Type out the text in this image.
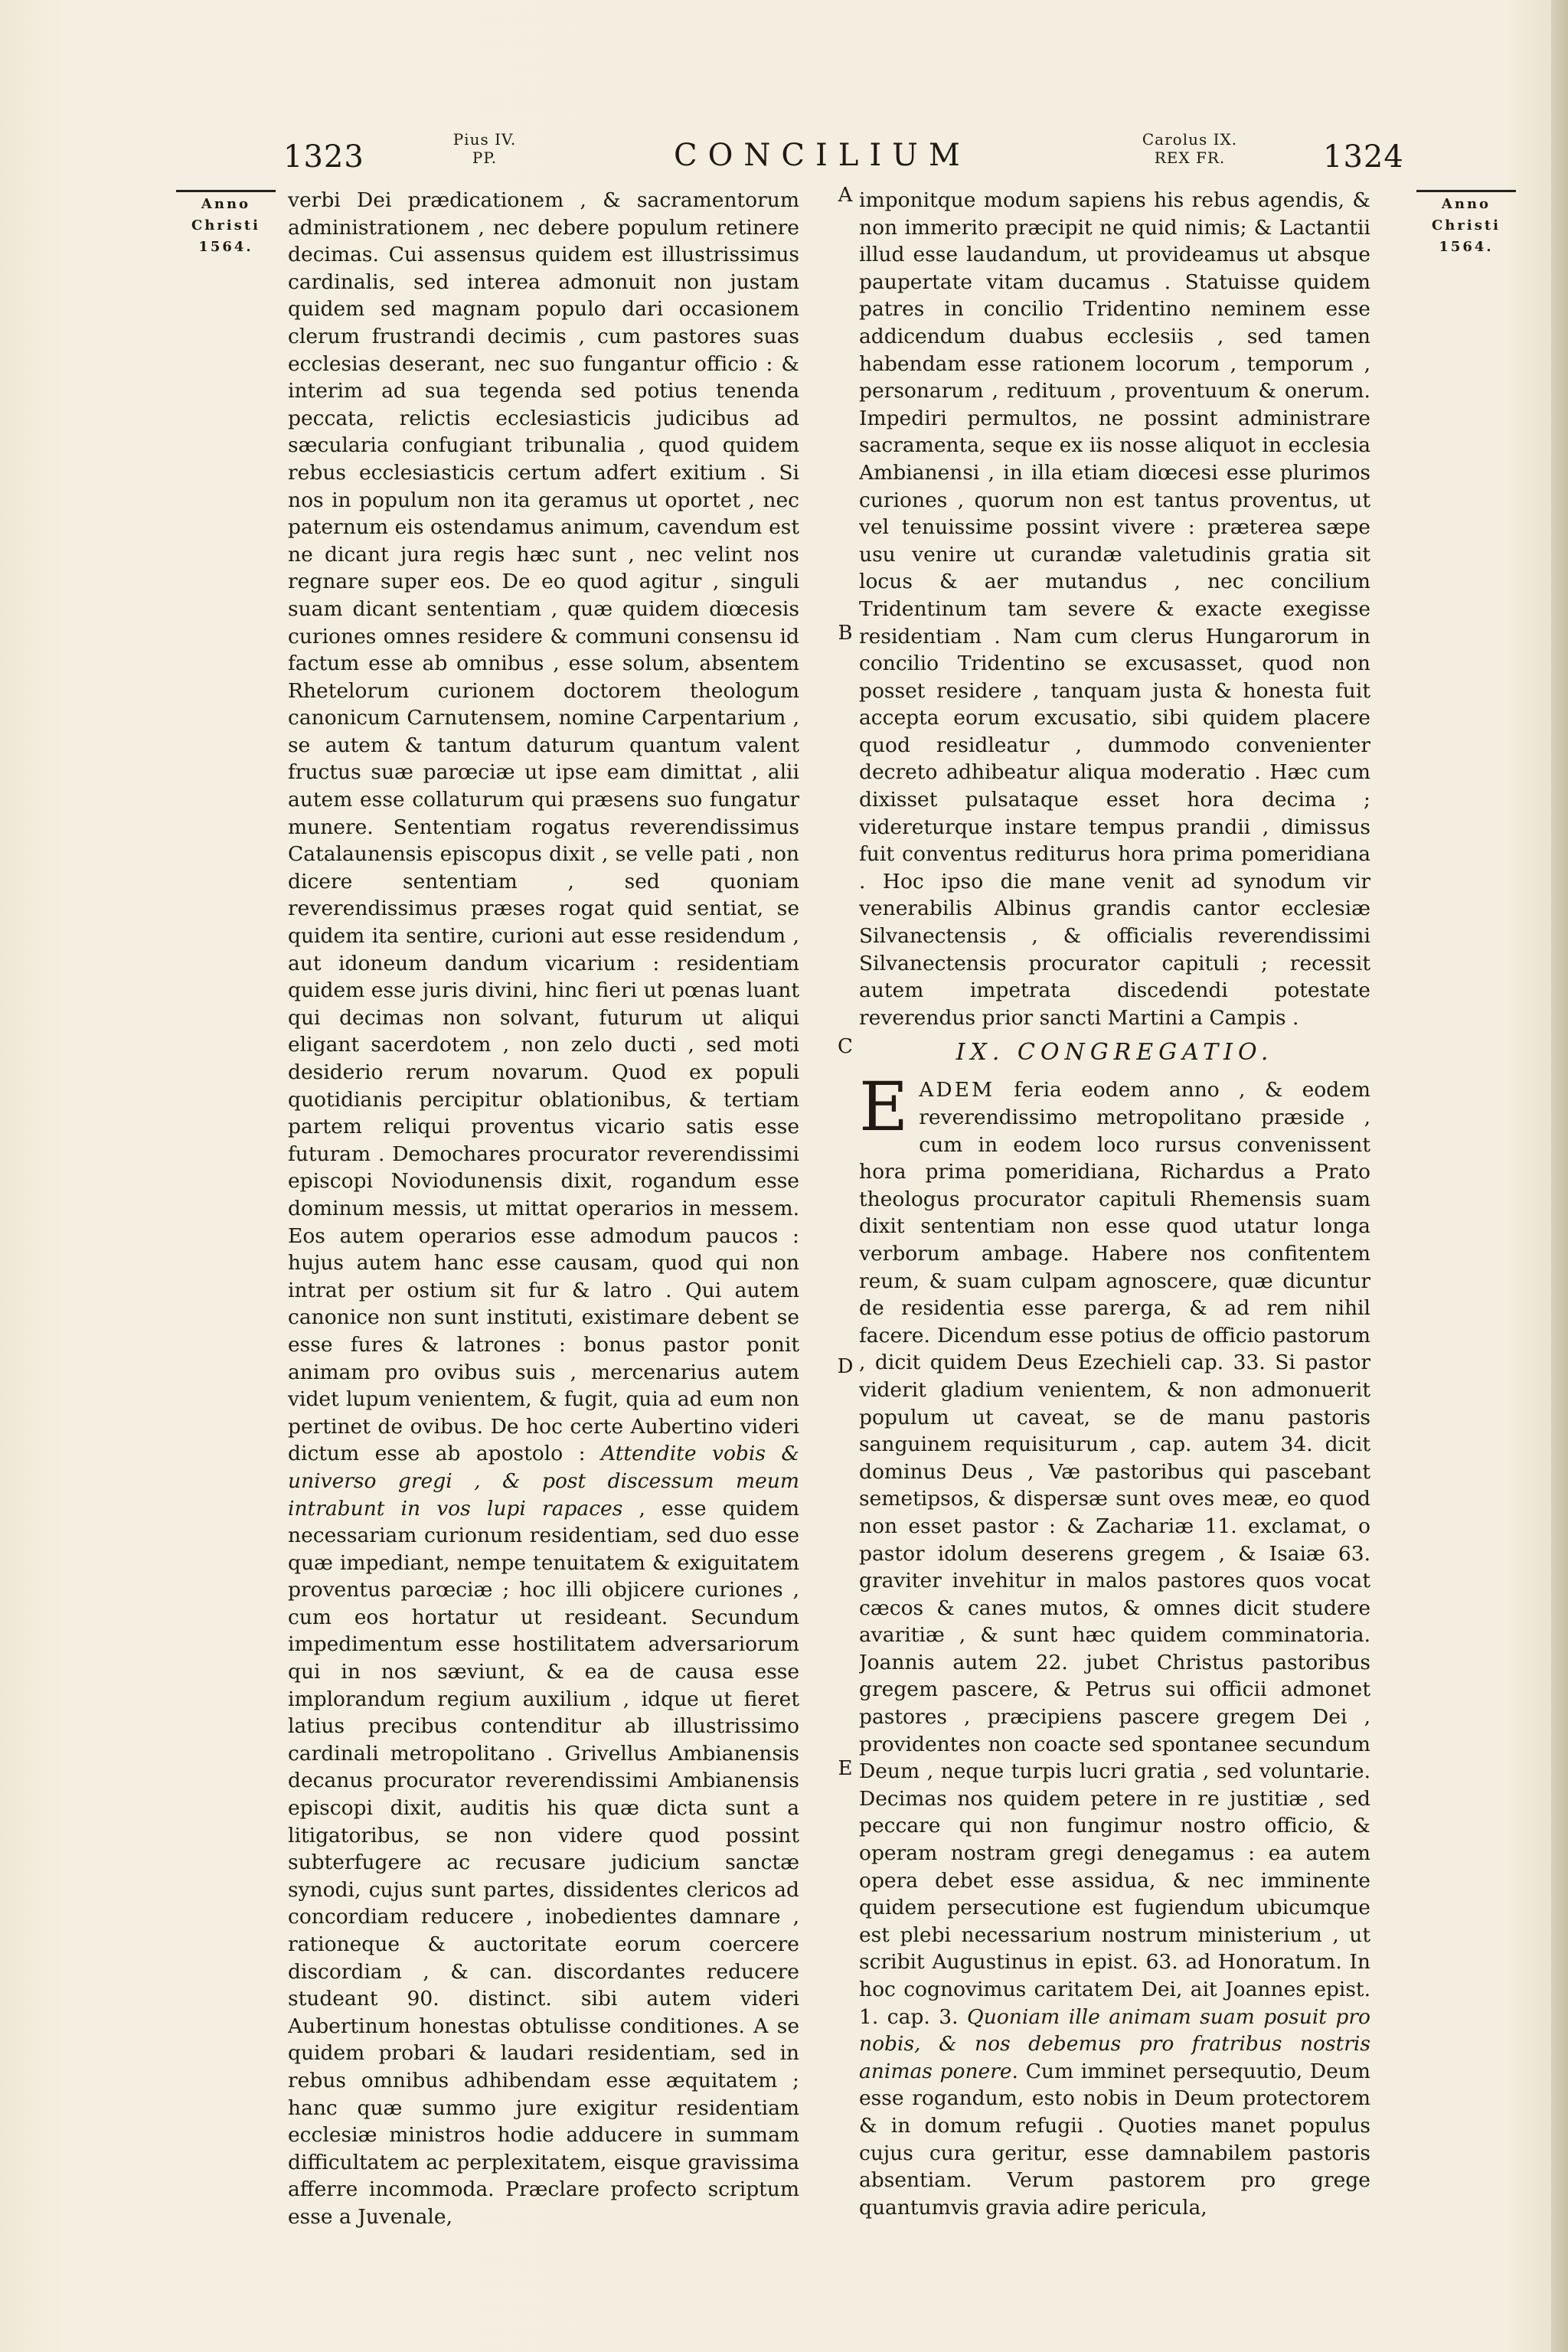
1323	Pius IV.
PP.	CONCILIUM	Carolus IX.
REX FR.	1324
Anno
Christi
1564.
Anno
Christi
1564.
A
B
C
D
E

verbi Dei prædicationem , & sacramentorum administrationem , nec debere populum retinere decimas. Cui assensus quidem est illustrissimus cardinalis, sed interea admonuit non justam quidem sed magnam populo dari occasionem clerum frustrandi decimis , cum pastores suas ecclesias deserant, nec suo fungantur officio : & interim ad sua tegenda sed potius tenenda peccata, relictis ecclesiasticis judicibus ad sæcularia confugiant tribunalia , quod quidem rebus ecclesiasticis certum adfert exitium . Si nos in populum non ita geramus ut oportet , nec paternum eis ostendamus animum, cavendum est ne dicant jura regis hæc sunt , nec velint nos regnare super eos. De eo quod agitur , singuli suam dicant sententiam , quæ quidem diœcesis curiones omnes residere & communi consensu id factum esse ab omnibus , esse solum, absentem Rhetelorum curionem doctorem theologum canonicum Carnutensem, nomine Carpentarium , se autem & tantum daturum quantum valent fructus suæ parœciæ ut ipse eam dimittat , alii autem esse collaturum qui præsens suo fungatur munere. Sententiam rogatus reverendissimus Catalaunensis episcopus dixit , se velle pati , non dicere sententiam , sed quoniam reverendissimus præses rogat quid sentiat, se quidem ita sentire, curioni aut esse residendum , aut idoneum dandum vicarium : residentiam quidem esse juris divini, hinc fieri ut pœnas luant qui decimas non solvant, futurum ut aliqui eligant sacerdotem , non zelo ducti , sed moti desiderio rerum novarum. Quod ex populi quotidianis percipitur oblationibus, & tertiam partem reliqui proventus vicario satis esse futuram . Demochares procurator reverendissimi episcopi Noviodunensis dixit, rogandum esse dominum messis, ut mittat operarios in messem. Eos autem operarios esse admodum paucos : hujus autem hanc esse causam, quod qui non intrat per ostium sit fur & latro . Qui autem canonice non sunt instituti, existimare debent se esse fures & latrones : bonus pastor ponit animam pro ovibus suis , mercenarius autem videt lupum venientem, & fugit, quia ad eum non pertinet de ovibus. De hoc certe Aubertino videri dictum esse ab apostolo : Attendite vobis & universo gregi , & post discessum meum intrabunt in vos lupi rapaces , esse quidem necessariam curionum residentiam, sed duo esse quæ impediant, nempe tenuitatem & exiguitatem proventus parœciæ ; hoc illi objicere curiones , cum eos hortatur ut resideant. Secundum impedimentum esse hostilitatem adversariorum qui in nos sæviunt, & ea de causa esse implorandum regium auxilium , idque ut fieret latius precibus contenditur ab illustrissimo cardinali metropolitano . Grivellus Ambianensis decanus procurator reverendissimi Ambianensis episcopi dixit, auditis his quæ dicta sunt a litigatoribus, se non videre quod possint subterfugere ac recusare judicium sanctæ synodi, cujus sunt partes, dissidentes clericos ad concordiam reducere , inobedientes damnare , rationeque & auctoritate eorum coercere discordiam , & can. discordantes reducere studeant 90. distinct. sibi autem videri Aubertinum honestas obtulisse conditiones. A se quidem probari & laudari residentiam, sed in rebus omnibus adhibendam esse æquitatem ; hanc quæ summo jure exigitur residentiam ecclesiæ ministros hodie adducere in summam difficultatem ac perplexitatem, eisque gravissima afferre incommoda. Præclare profecto scriptum esse a Juvenale,

imponitque modum sapiens his rebus agendis, & non immerito præcipit ne quid nimis; & Lactantii illud esse laudandum, ut provideamus ut absque paupertate vitam ducamus . Statuisse quidem patres in concilio Tridentino neminem esse addicendum duabus ecclesiis , sed tamen habendam esse rationem locorum , temporum , personarum , redituum , proventuum & onerum. Impediri permultos, ne possint administrare sacramenta, seque ex iis nosse aliquot in ecclesia Ambianensi , in illa etiam diœcesi esse plurimos curiones , quorum non est tantus proventus, ut vel tenuissime possint vivere : præterea sæpe usu venire ut curandæ valetudinis gratia sit locus & aer mutandus , nec concilium Tridentinum tam severe & exacte exegisse residentiam . Nam cum clerus Hungarorum in concilio Tridentino se excusasset, quod non posset residere , tanquam justa & honesta fuit accepta eorum excusatio, sibi quidem placere quod residleatur , dummodo convenienter decreto adhibeatur aliqua moderatio . Hæc cum dixisset pulsataque esset hora decima ; videreturque instare tempus prandii , dimissus fuit conventus rediturus hora prima pomeridiana . Hoc ipso die mane venit ad synodum vir venerabilis Albinus grandis cantor ecclesiæ Silvanectensis , & officialis reverendissimi Silvanectensis procurator capituli ; recessit autem impetrata discedendi potestate reverendus prior sancti Martini a Campis .

IX. CONGREGATIO.

E ADEM feria eodem anno , & eodem reverendissimo metropolitano præside , cum in eodem loco rursus convenissent hora prima pomeridiana, Richardus a Prato theologus procurator capituli Rhemensis suam dixit sententiam non esse quod utatur longa verborum ambage. Habere nos confitentem reum, & suam culpam agnoscere, quæ dicuntur de residentia esse parerga, & ad rem nihil facere. Dicendum esse potius de officio pastorum , dicit quidem Deus Ezechieli cap. 33. Si pastor viderit gladium venientem, & non admonuerit populum ut caveat, se de manu pastoris sanguinem requisiturum , cap. autem 34. dicit dominus Deus , Væ pastoribus qui pascebant semetipsos, & dispersæ sunt oves meæ, eo quod non esset pastor : & Zachariæ 11. exclamat, o pastor idolum deserens gregem , & Isaiæ 63. graviter invehitur in malos pastores quos vocat cæcos & canes mutos, & omnes dicit studere avaritiæ , & sunt hæc quidem comminatoria. Joannis autem 22. jubet Christus pastoribus gregem pascere, & Petrus sui officii admonet pastores , præcipiens pascere gregem Dei , providentes non coacte sed spontanee secundum Deum , neque turpis lucri gratia , sed voluntarie. Decimas nos quidem petere in re justitiæ , sed peccare qui non fungimur nostro officio, & operam nostram gregi denegamus : ea autem opera debet esse assidua, & nec imminente quidem persecutione est fugiendum ubicumque est plebi necessarium nostrum ministerium , ut scribit Augustinus in epist. 63. ad Honoratum. In hoc cognovimus caritatem Dei, ait Joannes epist. 1. cap. 3. Quoniam ille animam suam posuit pro nobis, & nos debemus pro fratribus nostris animas ponere. Cum imminet persequutio, Deum esse rogandum, esto nobis in Deum protectorem & in domum refugii . Quoties manet populus cujus cura geritur, esse damnabilem pastoris absentiam. Verum pastorem pro grege quantumvis gravia adire pericula,
